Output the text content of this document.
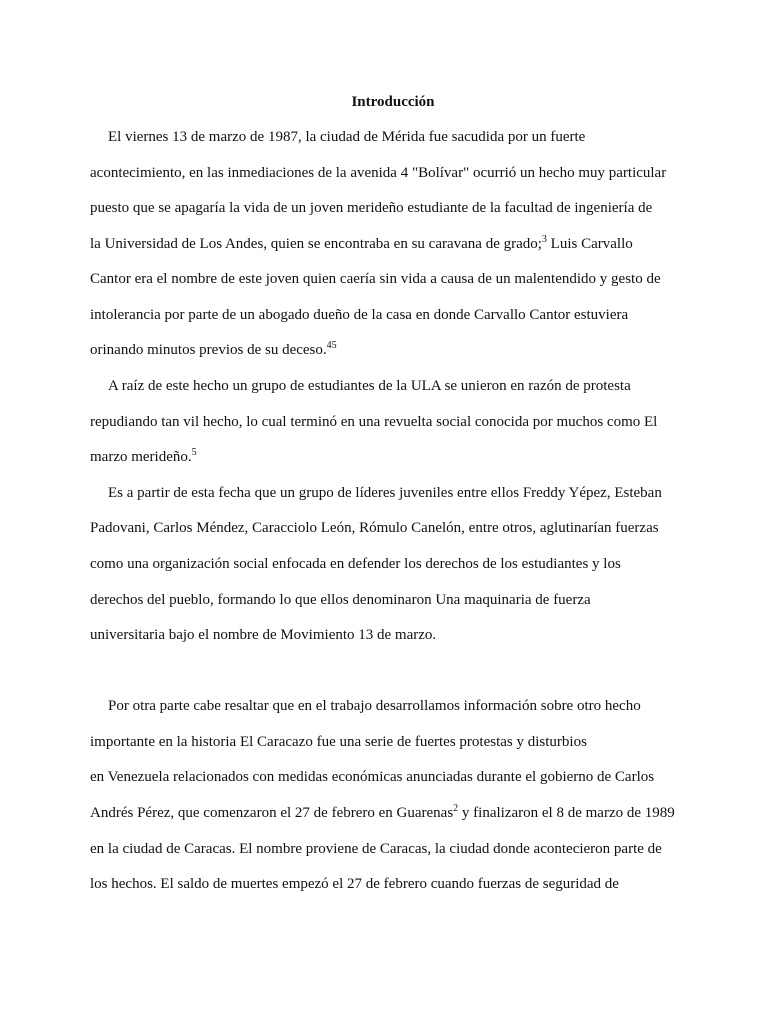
Introducción
El viernes 13 de marzo de 1987, la ciudad de Mérida fue sacudida por un fuerte
acontecimiento, en las inmediaciones de la avenida 4 "Bolívar" ocurrió un hecho muy particular
puesto que se apagaría la vida de un joven merideño estudiante de la facultad de ingeniería de
la Universidad de Los Andes, quien se encontraba en su caravana de grado;$^3$ Luis Carvallo
Cantor era el nombre de este joven quien caería sin vida a causa de un malentendido y gesto de
intolerancia por parte de un abogado dueño de la casa en donde Carvallo Cantor estuviera
orinando minutos previos de su deceso.$^{45}$
A raíz de este hecho un grupo de estudiantes de la ULA se unieron en razón de protesta
repudiando tan vil hecho, lo cual terminó en una revuelta social conocida por muchos como El
marzo merideño.$^5$
Es a partir de esta fecha que un grupo de líderes juveniles entre ellos Freddy Yépez, Esteban
Padovani, Carlos Méndez, Caracciolo León, Rómulo Canelón, entre otros, aglutinarían fuerzas
como una organización social enfocada en defender los derechos de los estudiantes y los
derechos del pueblo, formando lo que ellos denominaron Una maquinaria de fuerza
universitaria bajo el nombre de Movimiento 13 de marzo.
Por otra parte cabe resaltar que en el trabajo desarrollamos información sobre otro hecho
importante en la historia El Caracazo fue una serie de fuertes protestas y disturbios
en Venezuela relacionados con medidas económicas anunciadas durante el gobierno de Carlos
Andrés Pérez, que comenzaron el 27 de febrero en Guarenas$^2$ y finalizaron el 8 de marzo de 1989
en la ciudad de Caracas. El nombre proviene de Caracas, la ciudad donde acontecieron parte de
los hechos. El saldo de muertes empezó el 27 de febrero cuando fuerzas de seguridad de
